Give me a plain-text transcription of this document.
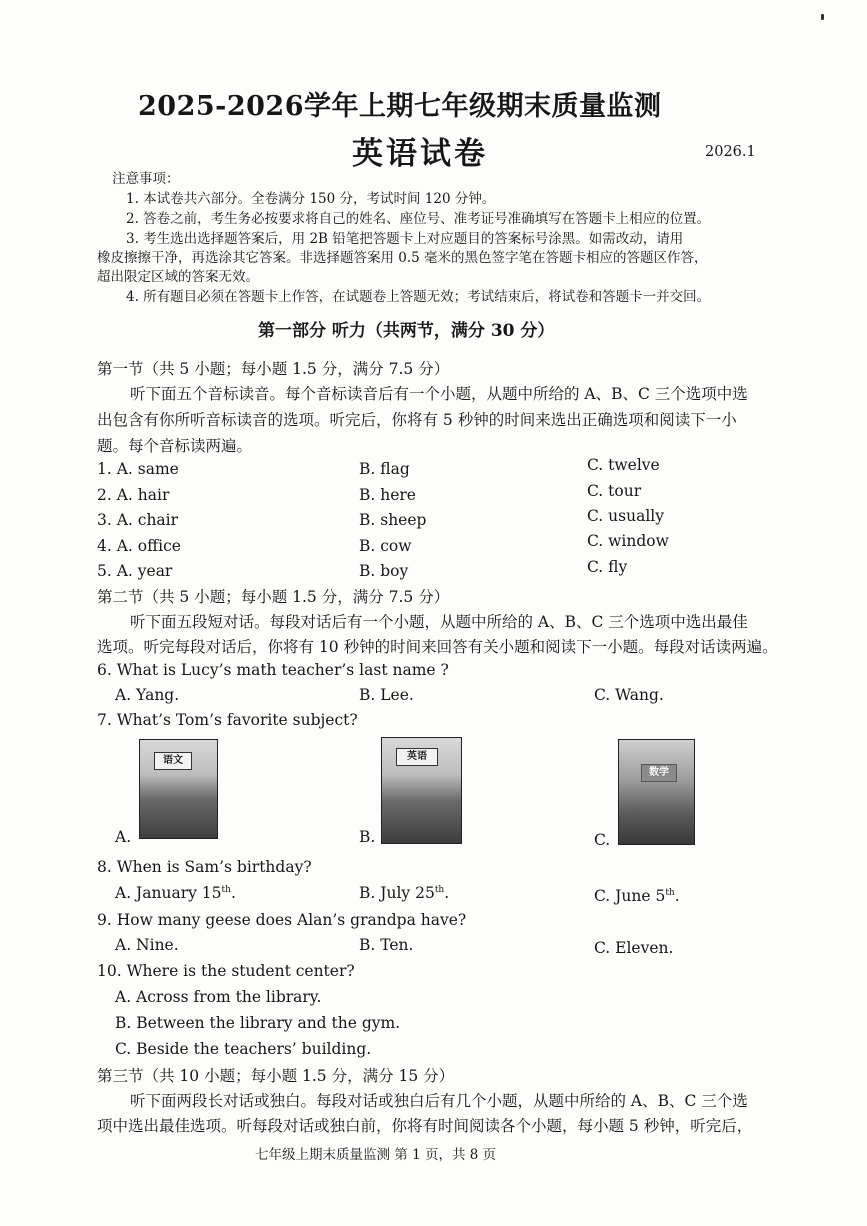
2025-2026学年上期七年级期末质量监测
英语试卷	2026.1
注意事项：
1. 本试卷共六部分。全卷满分 150 分，考试时间 120 分钟。
2. 答卷之前，考生务必按要求将自己的姓名、座位号、准考证号准确填写在答题卡上相应的位置。
3. 考生选出选择题答案后，用 2B 铅笔把答题卡上对应题目的答案标号涂黑。如需改动，请用
橡皮擦擦干净，再选涂其它答案。非选择题答案用 0.5 毫米的黑色签字笔在答题卡相应的答题区作答，
超出限定区域的答案无效。
4. 所有题目必须在答题卡上作答，在试题卷上答题无效；考试结束后，将试卷和答题卡一并交回。
第一部分 听力（共两节，满分 30 分）
第一节（共 5 小题；每小题 1.5 分，满分 7.5 分）
听下面五个音标读音。每个音标读音后有一个小题，从题中所给的 A、B、C 三个选项中选
出包含有你所听音标读音的选项。听完后，你将有 5 秒钟的时间来选出正确选项和阅读下一小
题。每个音标读两遍。
1. A. same	B. flag	C. twelve
2. A. hair	B. here	C. tour
3. A. chair	B. sheep	C. usually
4. A. office	B. cow	C. window
5. A. year	B. boy	C. fly
第二节（共 5 小题；每小题 1.5 分，满分 7.5 分）
听下面五段短对话。每段对话后有一个小题，从题中所给的 A、B、C 三个选项中选出最佳
选项。听完每段对话后，你将有 10 秒钟的时间来回答有关小题和阅读下一小题。每段对话读两遍。
6. What is Lucy’s math teacher’s last name ?
A. Yang.	B. Lee.	C. Wang.
7. What’s Tom’s favorite subject?
A.
语文
B.
英语
C.
数学
8. When is Sam’s birthday?
A. January 15th.	B. July 25th.	C. June 5th.
9. How many geese does Alan’s grandpa have?
A. Nine.	B. Ten.	C. Eleven.
10. Where is the student center?
A. Across from the library.
B. Between the library and the gym.
C. Beside the teachers’ building.
第三节（共 10 小题；每小题 1.5 分，满分 15 分）
听下面两段长对话或独白。每段对话或独白后有几个小题，从题中所给的 A、B、C 三个选
项中选出最佳选项。听每段对话或独白前，你将有时间阅读各个小题，每小题 5 秒钟，听完后，
七年级上期末质量监测 第 1 页，共 8 页
